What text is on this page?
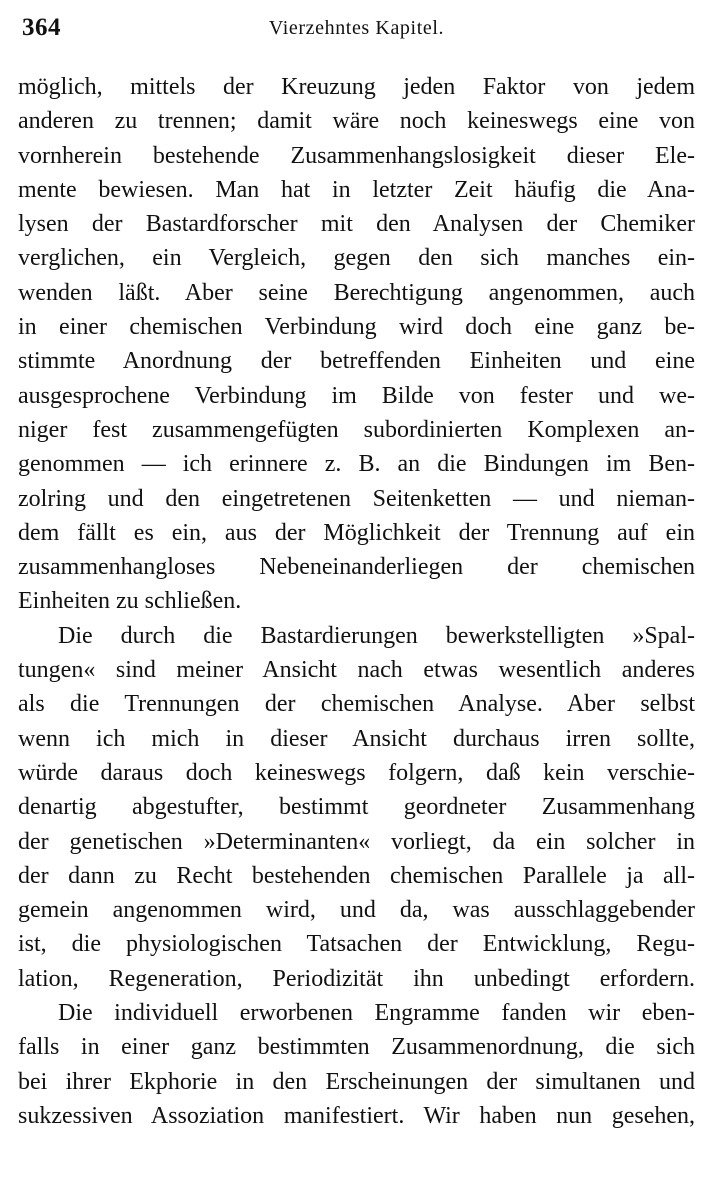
364	Vierzehntes Kapitel.
möglich, mittels der Kreuzung jeden Faktor von jedem
anderen zu trennen; damit wäre noch keineswegs eine von
vornherein bestehende Zusammenhangslosigkeit dieser Ele-
mente bewiesen. Man hat in letzter Zeit häufig die Ana-
lysen der Bastardforscher mit den Analysen der Chemiker
verglichen, ein Vergleich, gegen den sich manches ein-
wenden läßt. Aber seine Berechtigung angenommen, auch
in einer chemischen Verbindung wird doch eine ganz be-
stimmte Anordnung der betreffenden Einheiten und eine
ausgesprochene Verbindung im Bilde von fester und we-
niger fest zusammengefügten subordinierten Komplexen an-
genommen — ich erinnere z. B. an die Bindungen im Ben-
zolring und den eingetretenen Seitenketten — und nieman-
dem fällt es ein, aus der Möglichkeit der Trennung auf ein
zusammenhangloses Nebeneinanderliegen der chemischen
Einheiten zu schließen.
Die durch die Bastardierungen bewerkstelligten »Spal-
tungen« sind meiner Ansicht nach etwas wesentlich anderes
als die Trennungen der chemischen Analyse. Aber selbst
wenn ich mich in dieser Ansicht durchaus irren sollte,
würde daraus doch keineswegs folgern, daß kein verschie-
denartig abgestufter, bestimmt geordneter Zusammenhang
der genetischen »Determinanten« vorliegt, da ein solcher in
der dann zu Recht bestehenden chemischen Parallele ja all-
gemein angenommen wird, und da, was ausschlaggebender
ist, die physiologischen Tatsachen der Entwicklung, Regu-
lation, Regeneration, Periodizität ihn unbedingt erfordern.
Die individuell erworbenen Engramme fanden wir eben-
falls in einer ganz bestimmten Zusammenordnung, die sich
bei ihrer Ekphorie in den Erscheinungen der simultanen und
sukzessiven Assoziation manifestiert. Wir haben nun gesehen,
